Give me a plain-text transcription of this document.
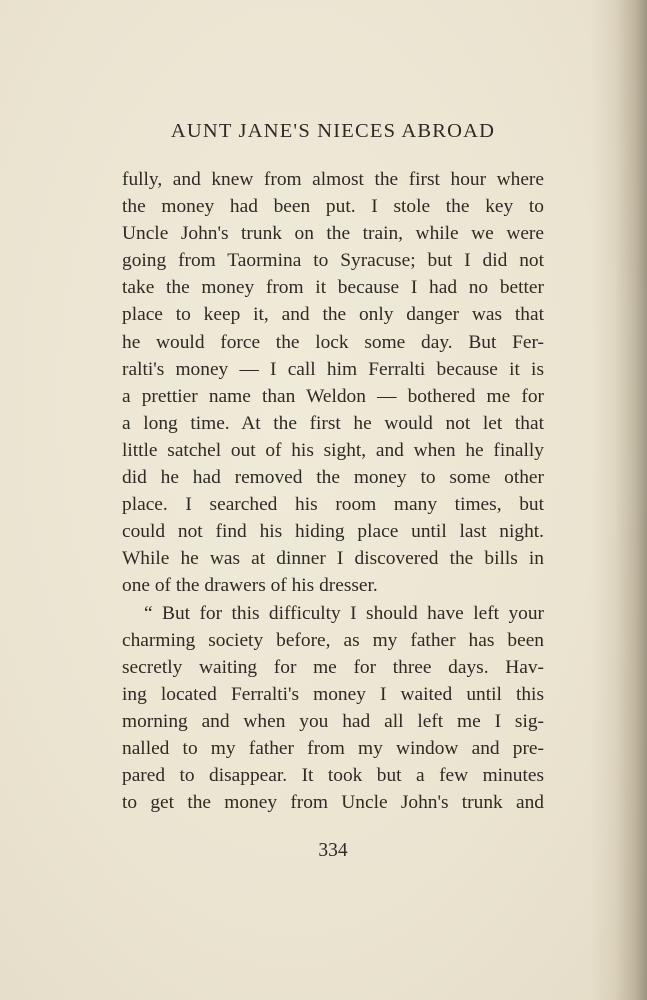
AUNT JANE'S NIECES ABROAD

fully, and knew from almost the first hour where
the money had been put. I stole the key to
Uncle John's trunk on the train, while we were
going from Taormina to Syracuse; but I did not
take the money from it because I had no better
place to keep it, and the only danger was that
he would force the lock some day. But Fer-
ralti's money — I call him Ferralti because it is
a prettier name than Weldon — bothered me for
a long time. At the first he would not let that
little satchel out of his sight, and when he finally
did he had removed the money to some other
place. I searched his room many times, but
could not find his hiding place until last night.
While he was at dinner I discovered the bills in
one of the drawers of his dresser.
“ But for this difficulty I should have left your
charming society before, as my father has been
secretly waiting for me for three days. Hav-
ing located Ferralti's money I waited until this
morning and when you had all left me I sig-
nalled to my father from my window and pre-
pared to disappear. It took but a few minutes
to get the money from Uncle John's trunk and

334
